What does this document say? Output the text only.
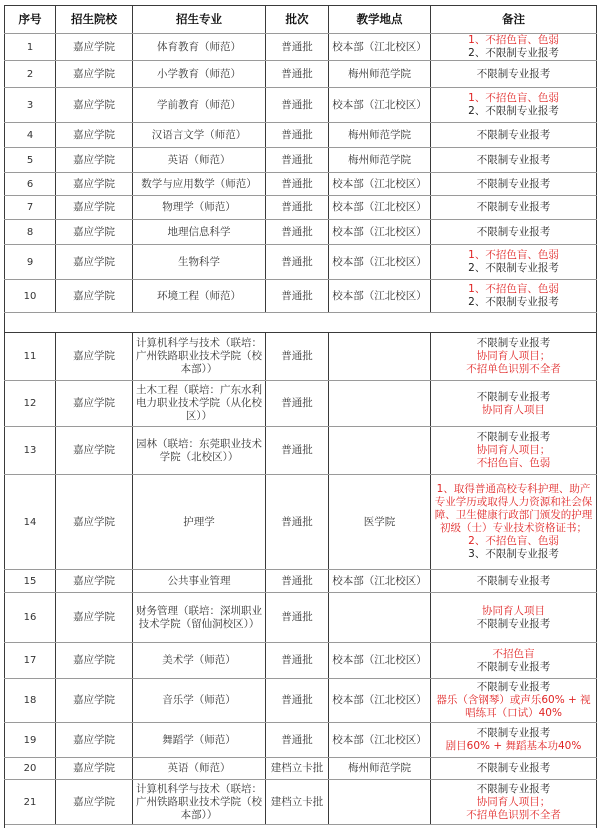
序号	招生院校	招生专业	批次	教学地点	备注
1	嘉应学院	体育教育（师范）	普通批	校本部（江北校区）	1、不招色盲、色弱
2、不限制专业报考

2	嘉应学院	小学教育（师范）	普通批	梅州师范学院	不限制专业报考

3	嘉应学院	学前教育（师范）	普通批	校本部（江北校区）	1、不招色盲、色弱
2、不限制专业报考

4	嘉应学院	汉语言文学（师范）	普通批	梅州师范学院	不限制专业报考

5	嘉应学院	英语（师范）	普通批	梅州师范学院	不限制专业报考

6	嘉应学院	数学与应用数学（师范）	普通批	校本部（江北校区）	不限制专业报考

7	嘉应学院	物理学（师范）	普通批	校本部（江北校区）	不限制专业报考

8	嘉应学院	地理信息科学	普通批	校本部（江北校区）	不限制专业报考

9	嘉应学院	生物科学	普通批	校本部（江北校区）	1、不招色盲、色弱
2、不限制专业报考

10	嘉应学院	环境工程（师范）	普通批	校本部（江北校区）	1、不招色盲、色弱
2、不限制专业报考

11	嘉应学院	计算机科学与技术（联培：广州铁路职业技术学院（校本部））	普通批		不限制专业报考
协同育人项目；
不招单色识别不全者

12	嘉应学院	土木工程（联培：广东水利电力职业技术学院（从化校区））	普通批		不限制专业报考
协同育人项目

13	嘉应学院	园林（联培：东莞职业技术学院（北校区））	普通批		不限制专业报考
协同育人项目；
不招色盲、色弱

14	嘉应学院	护理学	普通批	医学院	1、取得普通高校专科护理、助产专业学历或取得人力资源和社会保障、卫生健康行政部门颁发的护理初级（士）专业技术资格证书；
2、不招色盲、色弱
3、不限制专业报考

15	嘉应学院	公共事业管理	普通批	校本部（江北校区）	不限制专业报考

16	嘉应学院	财务管理（联培：深圳职业技术学院（留仙洞校区））	普通批		协同育人项目
不限制专业报考

17	嘉应学院	美术学（师范）	普通批	校本部（江北校区）	不招色盲
不限制专业报考

18	嘉应学院	音乐学（师范）	普通批	校本部（江北校区）	不限制专业报考
器乐（含钢琴）或声乐60% + 视唱练耳（口试）40%

19	嘉应学院	舞蹈学（师范）	普通批	校本部（江北校区）	不限制专业报考
剧目60% + 舞蹈基本功40%

20	嘉应学院	英语（师范）	建档立卡批	梅州师范学院	不限制专业报考

21	嘉应学院	计算机科学与技术（联培：广州铁路职业技术学院（校本部））	建档立卡批		不限制专业报考
协同育人项目；
不招单色识别不全者
